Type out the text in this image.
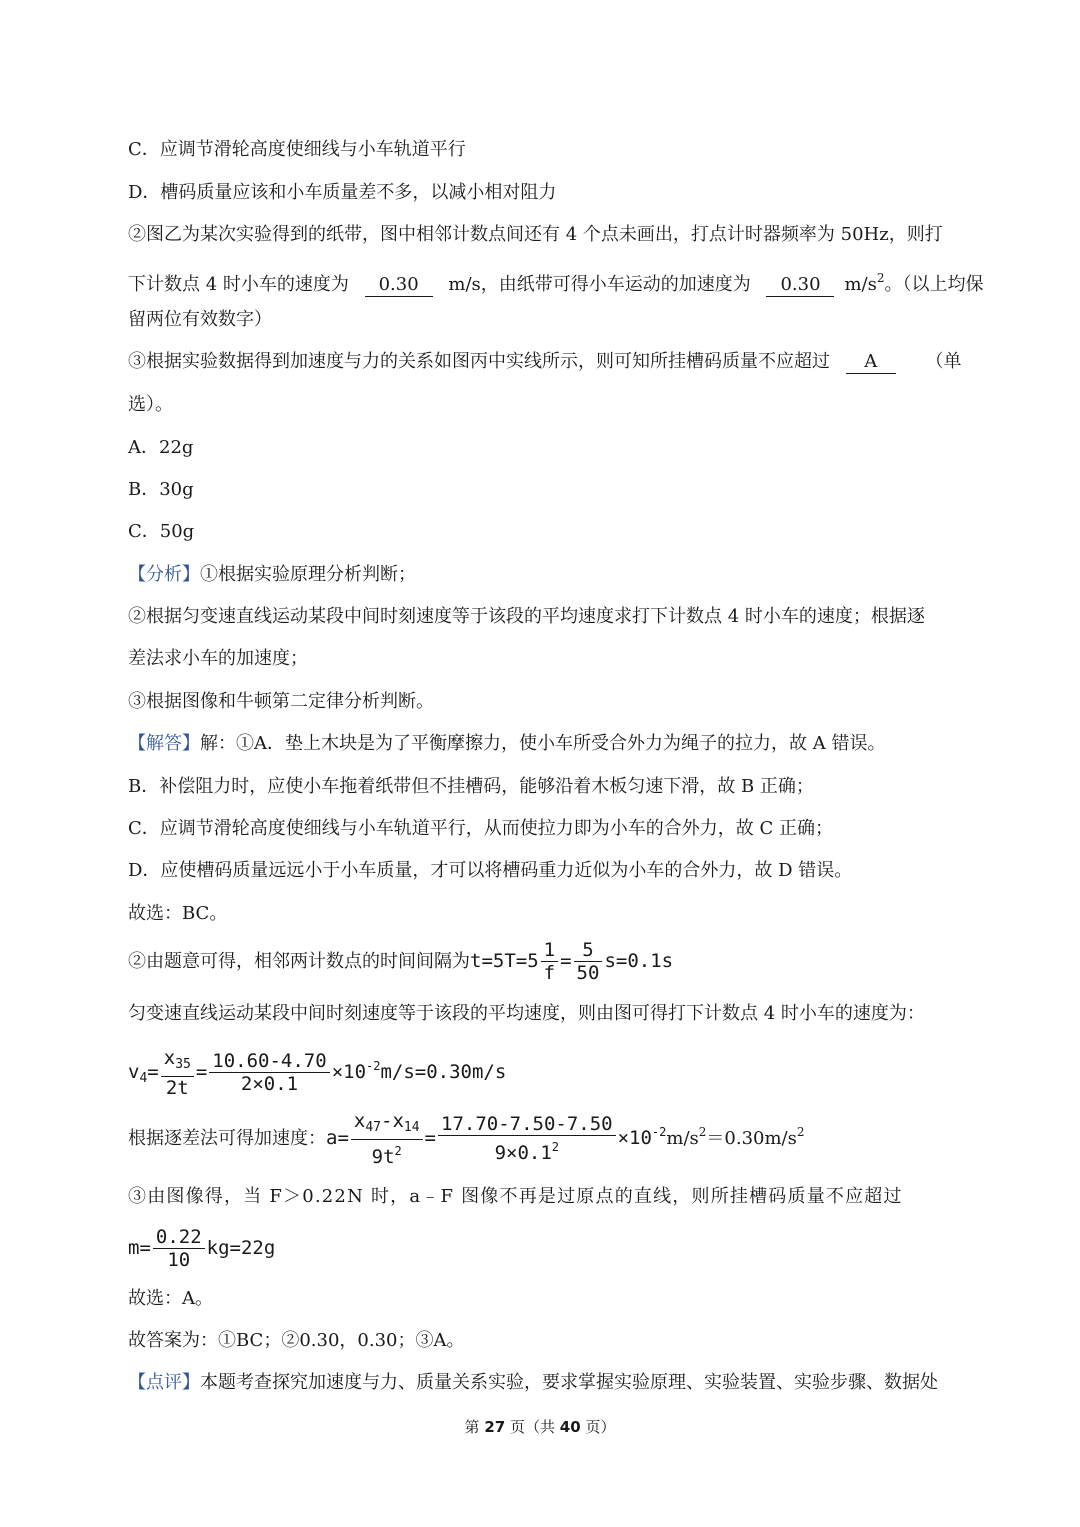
C．应调节滑轮高度使细线与小车轨道平行
D．槽码质量应该和小车质量差不多，以减小相对阻力
②图乙为某次实验得到的纸带，图中相邻计数点间还有 4 个点未画出，打点计时器频率为 50Hz，则打
下计数点 4 时小车的速度为 0.30 m/s，由纸带可得小车运动的加速度为 0.30 $m/s^2$。（以上均保
留两位有效数字）
③根据实验数据得到加速度与力的关系如图丙中实线所示，则可知所挂槽码质量不应超过 A	（单
选）。
A．22g
B．30g
C．50g
【分析】①根据实验原理分析判断；
②根据匀变速直线运动某段中间时刻速度等于该段的平均速度求打下计数点 4 时小车的速度；根据逐
差法求小车的加速度；
③根据图像和牛顿第二定律分析判断。
【解答】解：①A．垫上木块是为了平衡摩擦力，使小车所受合外力为绳子的拉力，故 A 错误。
B．补偿阻力时，应使小车拖着纸带但不挂槽码，能够沿着木板匀速下滑，故 B 正确；
C．应调节滑轮高度使细线与小车轨道平行，从而使拉力即为小车的合外力，故 C 正确；
D．应使槽码质量远远小于小车质量，才可以将槽码重力近似为小车的合外力，故 D 错误。
故选：BC。
②由题意可得，相邻两计数点的时间间隔为$t=5T=5 \frac{1}{f} = \frac{5}{50} s=0.1s$
匀变速直线运动某段中间时刻速度等于该段的平均速度，则由图可得打下计数点 4 时小车的速度为：
$v_4= \frac{x_{35}}{2t} = \frac{10.60-4.70}{2\times 0.1} \times 10^{-2}m/s=0.30m/s$
根据逐差法可得加速度：$a= \frac{x_{47}-x_{14}}{9t^2} = \frac{17.70-7.50-7.50}{9\times 0.1^2} \times 10^{-2}m/s^2=0.30m/s^2$
③由图像得，当 F＞0.22N 时，a﹣F 图像不再是过原点的直线，则所挂槽码质量不应超过
$m= \frac{0.22}{10} kg=22g$
故选：A。
故答案为：①BC；②0.30，0.30；③A。
【点评】本题考查探究加速度与力、质量关系实验，要求掌握实验原理、实验装置、实验步骤、数据处
第 27 页（共 40 页）
